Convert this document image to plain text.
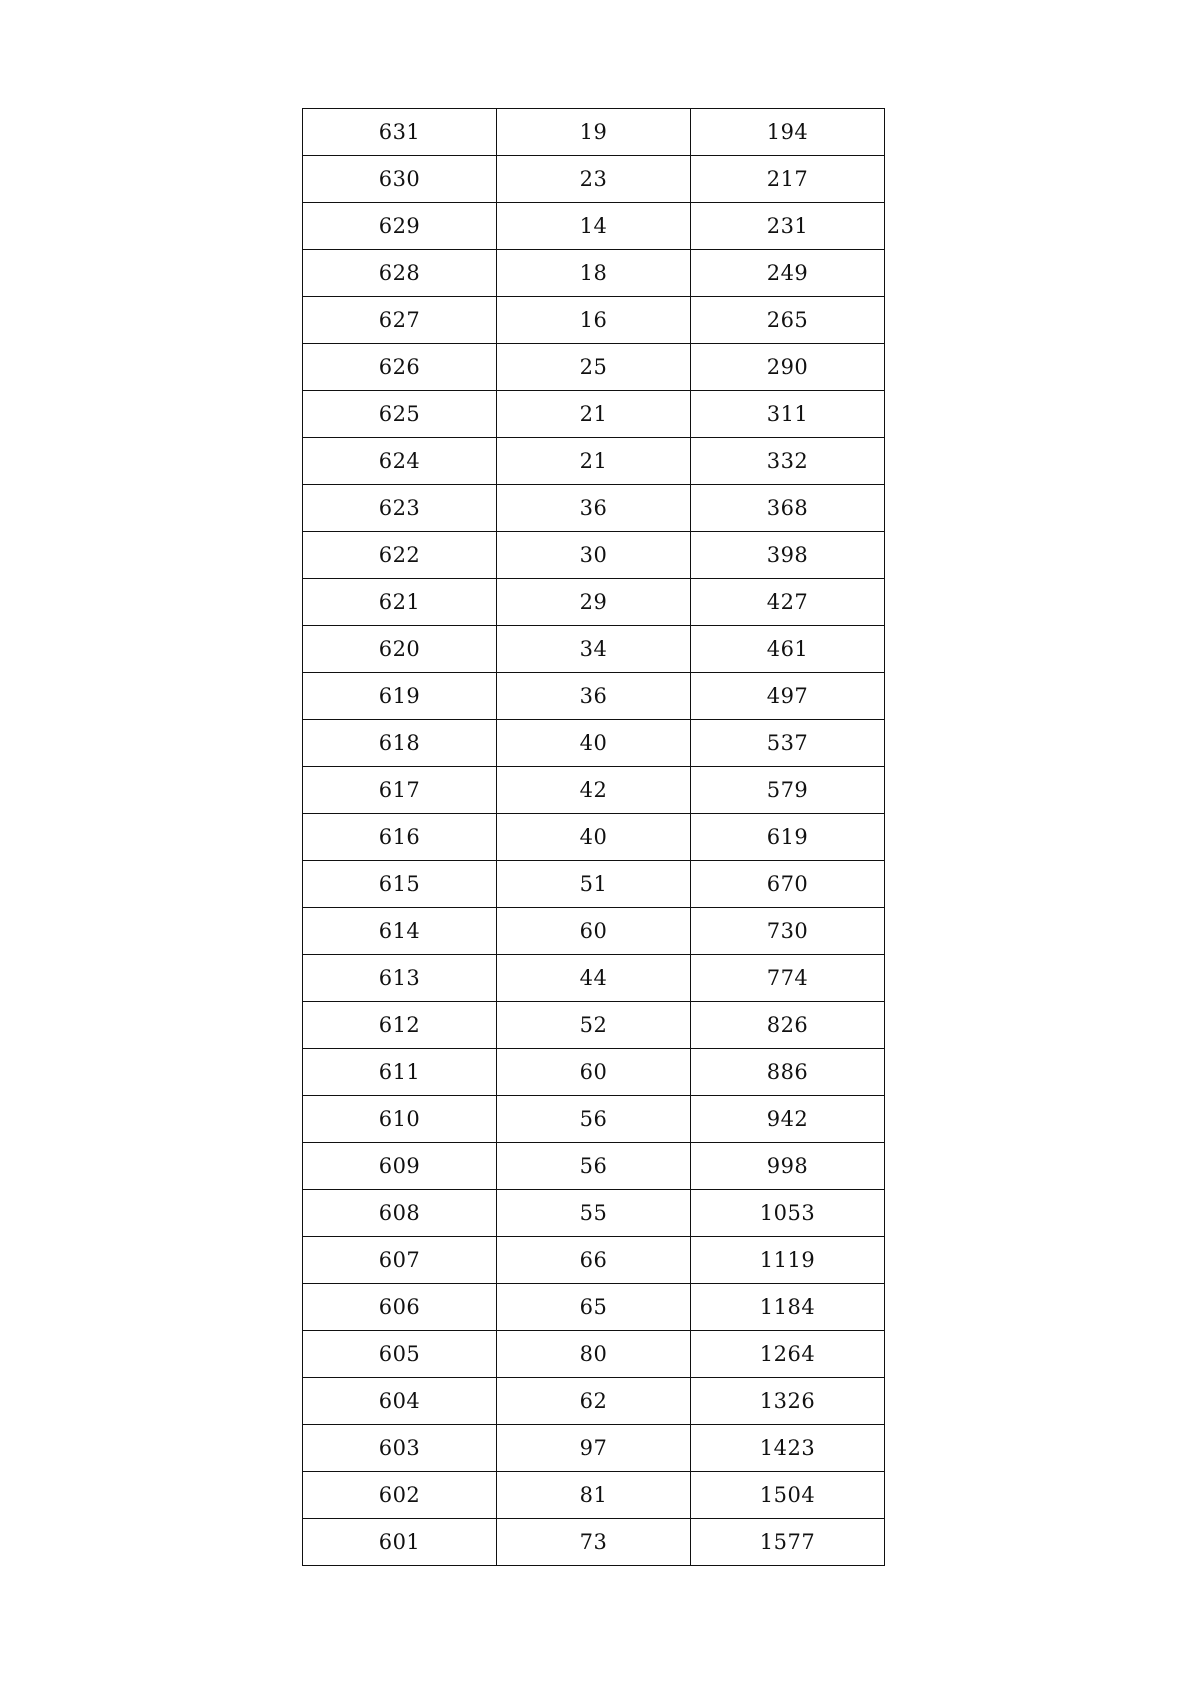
631	19	194
630	23	217
629	14	231
628	18	249
627	16	265
626	25	290
625	21	311
624	21	332
623	36	368
622	30	398
621	29	427
620	34	461
619	36	497
618	40	537
617	42	579
616	40	619
615	51	670
614	60	730
613	44	774
612	52	826
611	60	886
610	56	942
609	56	998
608	55	1053
607	66	1119
606	65	1184
605	80	1264
604	62	1326
603	97	1423
602	81	1504
601	73	1577
